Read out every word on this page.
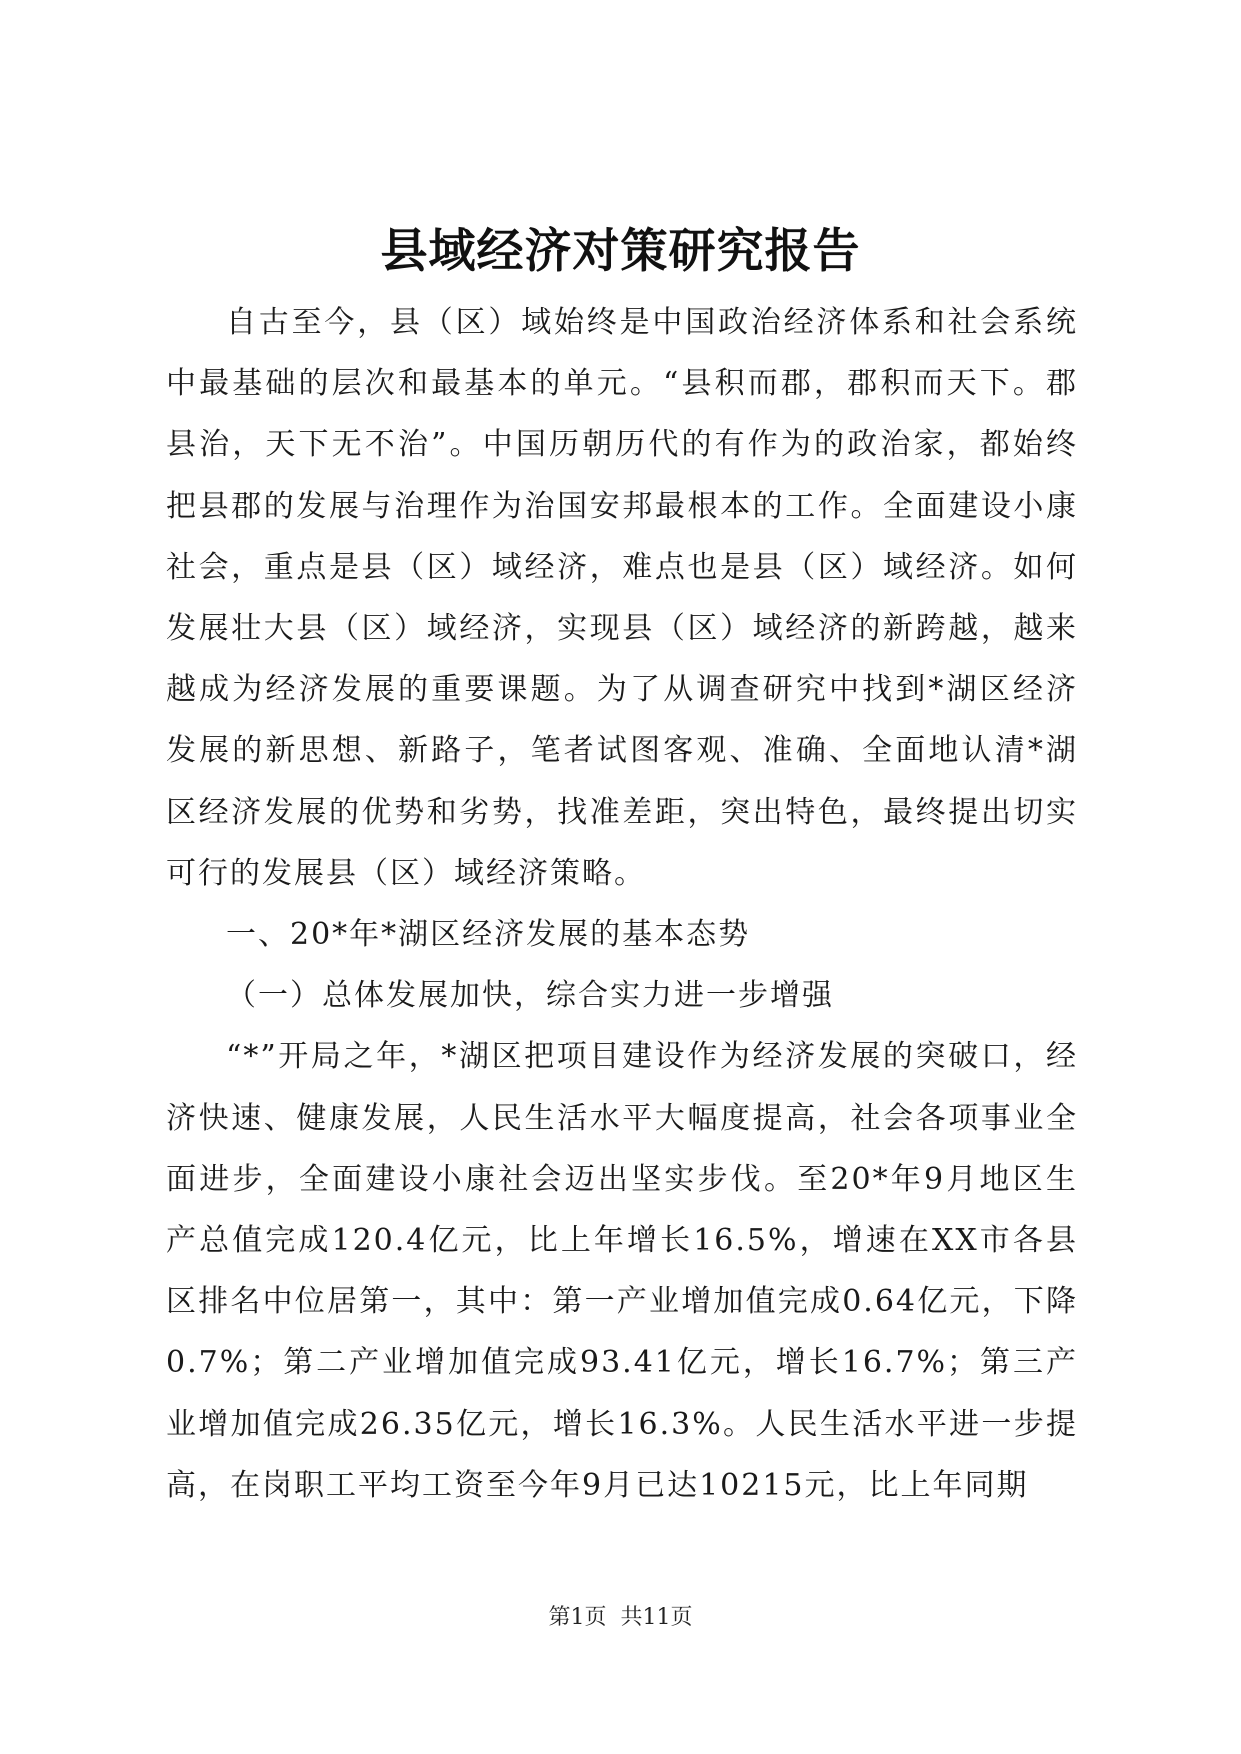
县域经济对策研究报告

自古至今，县（区）域始终是中国政治经济体系和社会系统中最基础的层次和最基本的单元。“县积而郡，郡积而天下。郡县治，天下无不治”。中国历朝历代的有作为的政治家，都始终把县郡的发展与治理作为治国安邦最根本的工作。全面建设小康社会，重点是县（区）域经济，难点也是县（区）域经济。如何发展壮大县（区）域经济，实现县（区）域经济的新跨越，越来越成为经济发展的重要课题。为了从调查研究中找到*湖区经济发展的新思想、新路子，笔者试图客观、准确、全面地认清*湖区经济发展的优势和劣势，找准差距，突出特色，最终提出切实可行的发展县（区）域经济策略。

一、20*年*湖区经济发展的基本态势

（一）总体发展加快，综合实力进一步增强

“*”开局之年，*湖区把项目建设作为经济发展的突破口，经济快速、健康发展，人民生活水平大幅度提高，社会各项事业全面进步，全面建设小康社会迈出坚实步伐。至20*年9月地区生产总值完成120.4亿元，比上年增长16.5%，增速在XX市各县区排名中位居第一，其中：第一产业增加值完成0.64亿元，下降0.7%；第二产业增加值完成93.41亿元，增长16.7%；第三产业增加值完成26.35亿元，增长16.3%。人民生活水平进一步提高，在岗职工平均工资至今年9月已达10215元，比上年同期

第1页 共11页
